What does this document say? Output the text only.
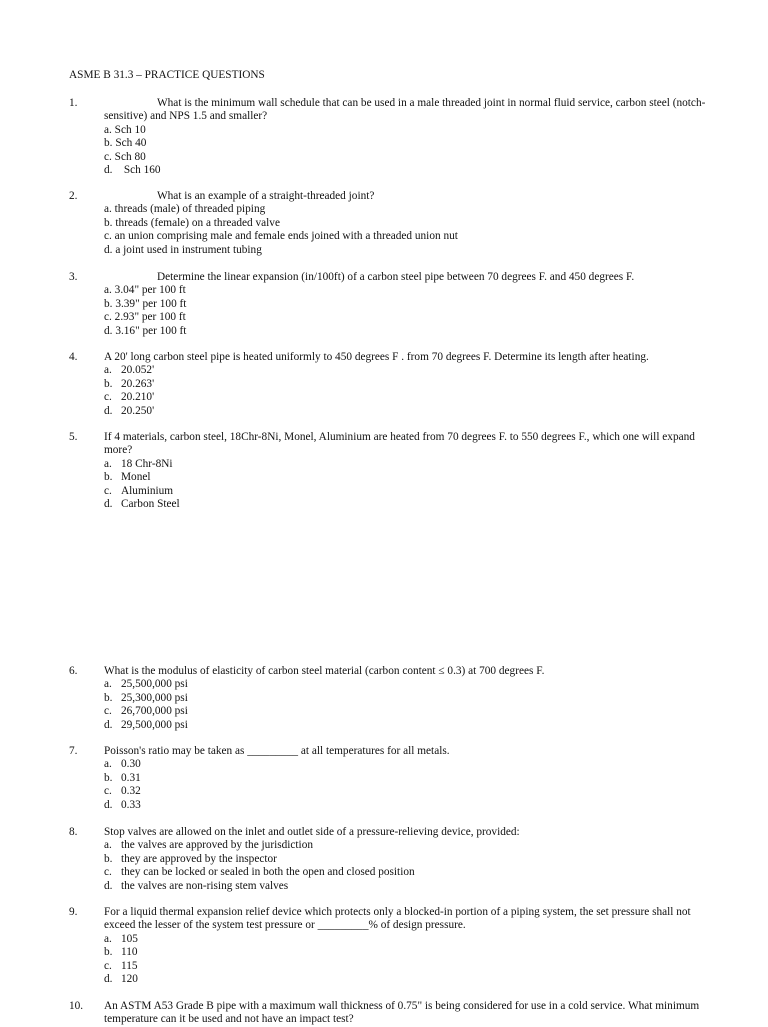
ASME B 31.3 – PRACTICE QUESTIONS
1.	What is the minimum wall schedule that can be used in a male threaded joint in normal fluid service, carbon steel (notch-sensitive) and NPS 1.5 and smaller?
a. Sch 10
b. Sch 40
c. Sch 80
d. Sch 160
2.	What is an example of a straight-threaded joint?
a. threads (male) of threaded piping
b. threads (female) on a threaded valve
c. an union comprising male and female ends joined with a threaded union nut
d. a joint used in instrument tubing
3.	Determine the linear expansion (in/100ft) of a carbon steel pipe between 70 degrees F. and 450 degrees F.
a. 3.04" per 100 ft
b. 3.39" per 100 ft
c. 2.93" per 100 ft
d. 3.16" per 100 ft
4. A 20' long carbon steel pipe is heated uniformly to 450 degrees F . from 70 degrees F. Determine its length after heating.
a. 20.052'
b. 20.263'
c. 20.210'
d. 20.250'
5. If 4 materials, carbon steel, 18Chr-8Ni, Monel, Aluminium are heated from 70 degrees F. to 550 degrees F., which one will expand more?
a. 18 Chr-8Ni
b. Monel
c. Aluminium
d. Carbon Steel
6. What is the modulus of elasticity of carbon steel material (carbon content ≤ 0.3) at 700 degrees F.
a. 25,500,000 psi
b. 25,300,000 psi
c. 26,700,000 psi
d. 29,500,000 psi
7. Poisson's ratio may be taken as _________ at all temperatures for all metals.
a. 0.30
b. 0.31
c. 0.32
d. 0.33
8. Stop valves are allowed on the inlet and outlet side of a pressure-relieving device, provided:
a. the valves are approved by the jurisdiction
b. they are approved by the inspector
c. they can be locked or sealed in both the open and closed position
d. the valves are non-rising stem valves
9. For a liquid thermal expansion relief device which protects only a blocked-in portion of a piping system, the set pressure shall not exceed the lesser of the system test pressure or _________% of design pressure.
a. 105
b. 110
c. 115
d. 120
10. An ASTM A53 Grade B pipe with a maximum wall thickness of 0.75" is being considered for use in a cold service. What minimum temperature can it be used and not have an impact test?
